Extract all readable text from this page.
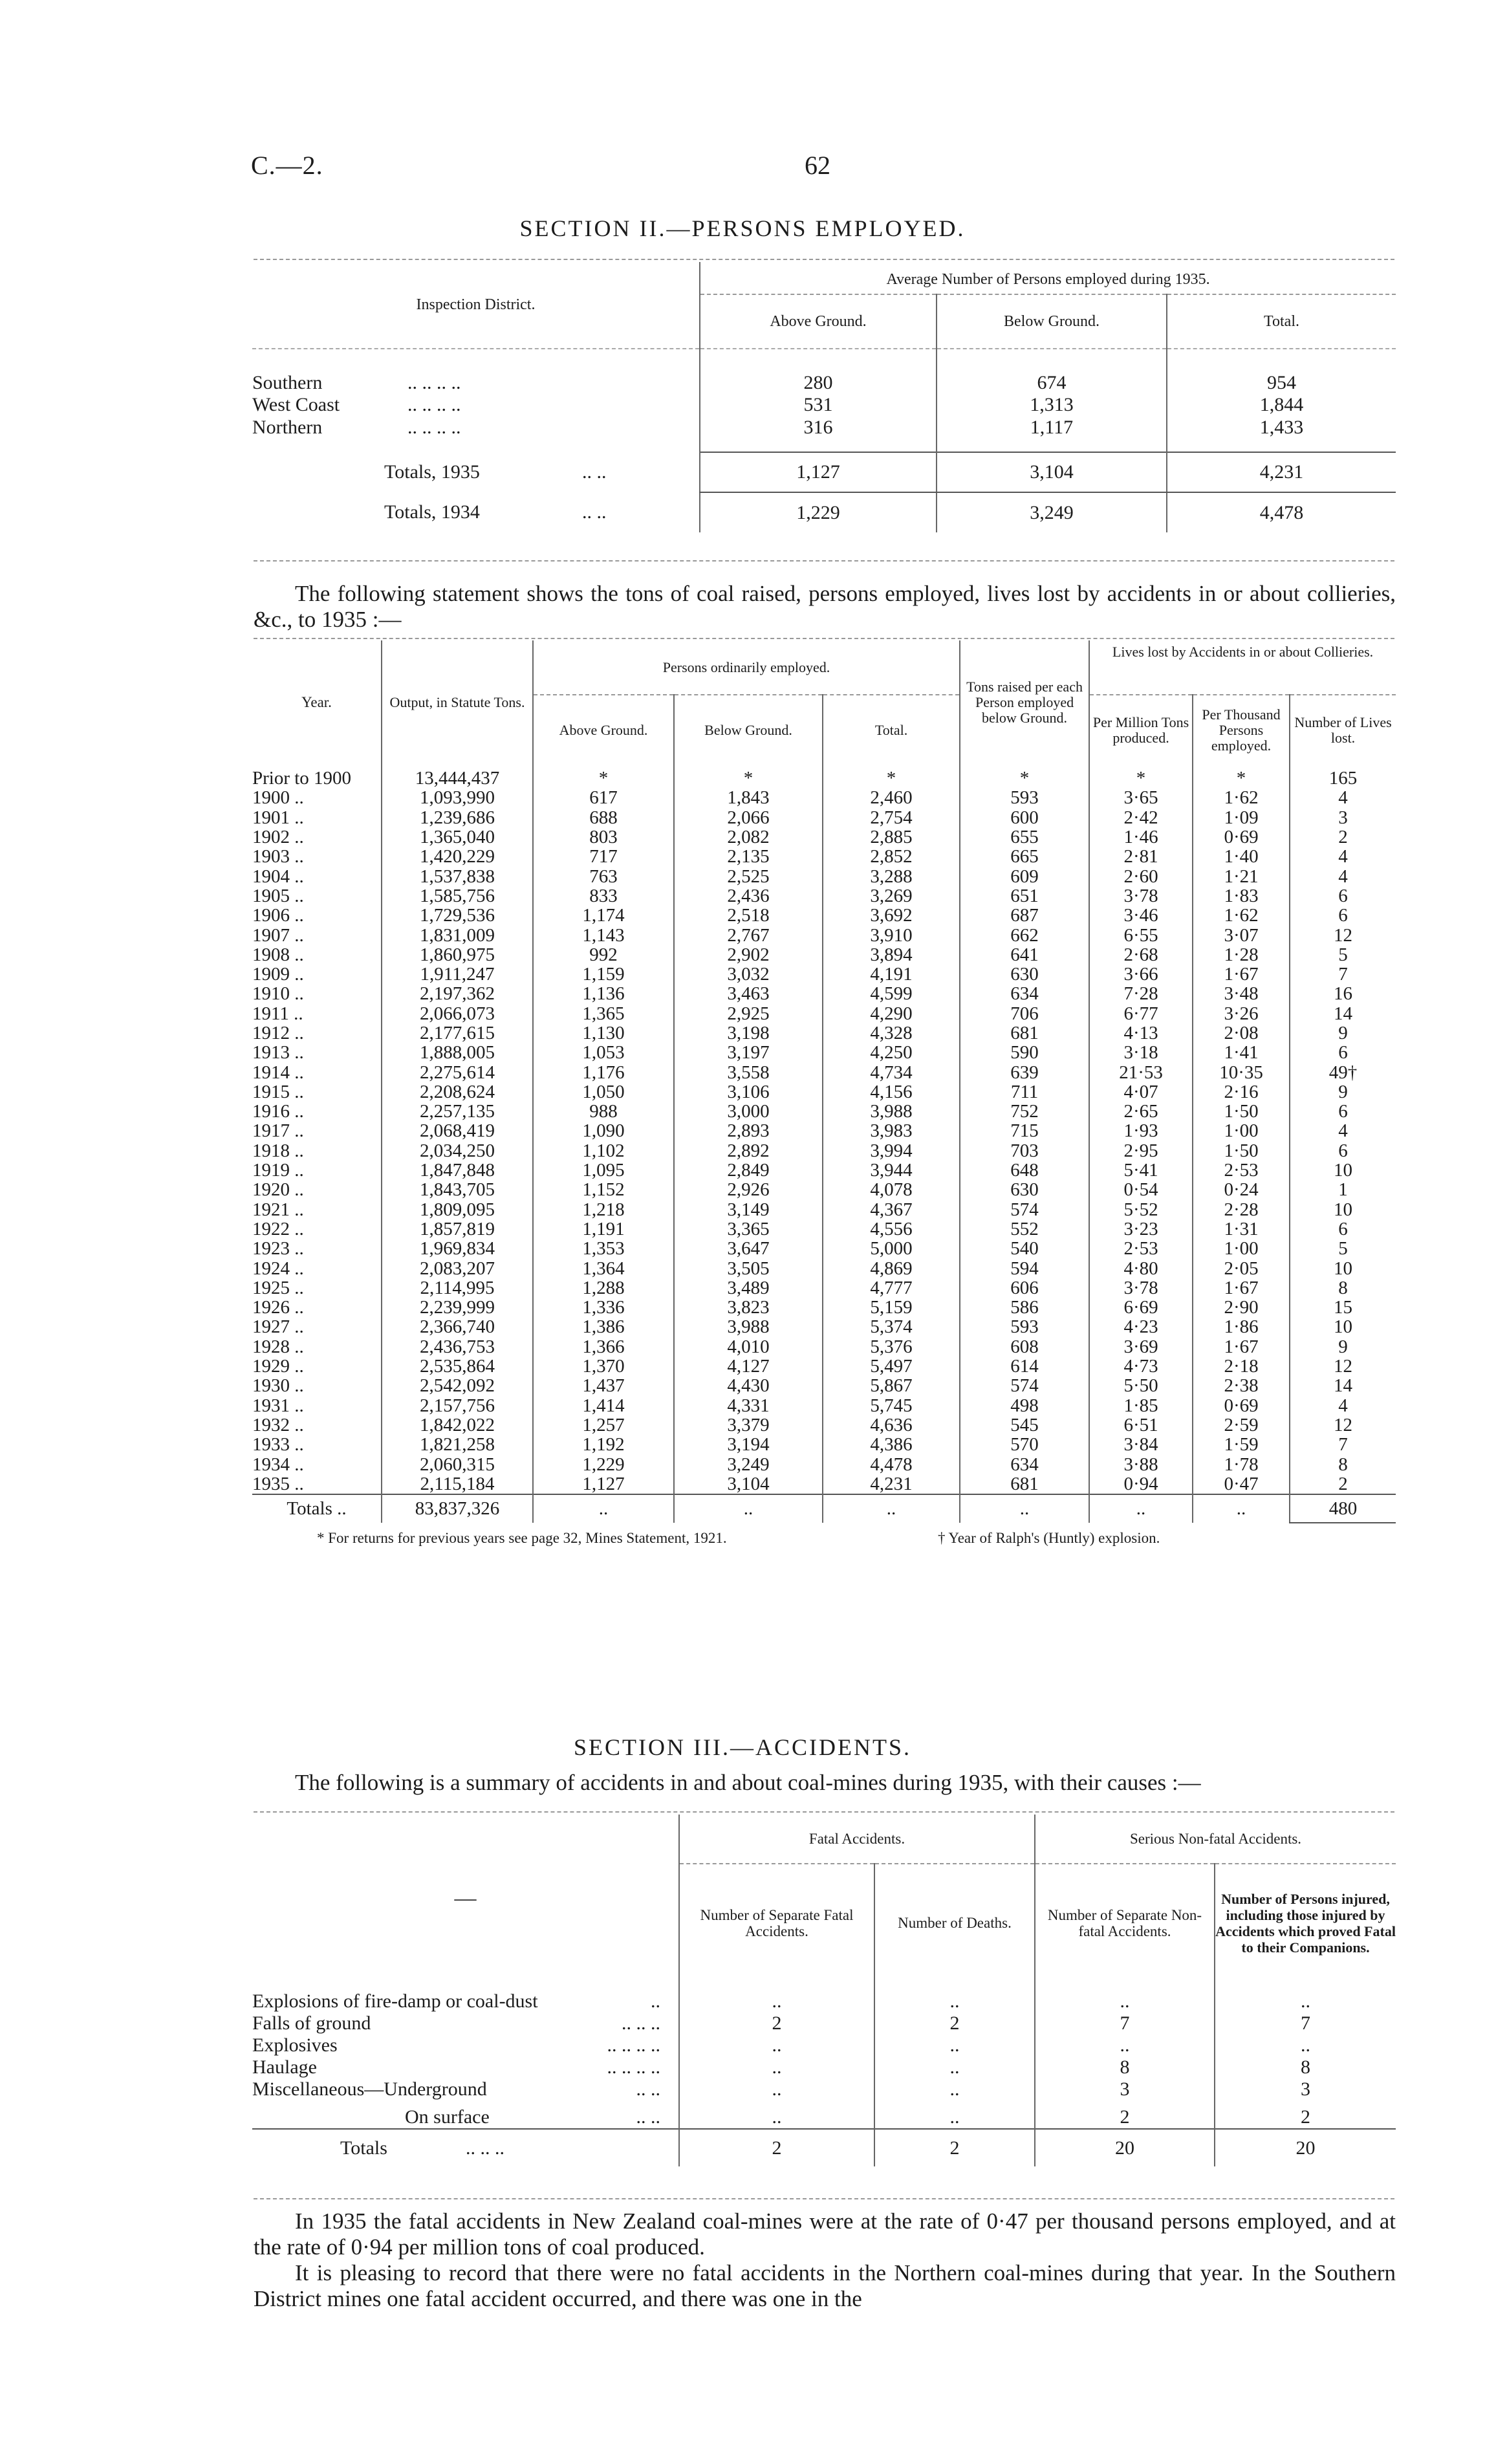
C.—2.	62
SECTION II.—PERSONS EMPLOYED.
Inspection District.	Average Number of Persons employed during 1935.		
	Above Ground.	Below Ground.	Total.

Southern .. .. .. ..	280	674	954
West Coast .. .. .. ..	531	1,313	1,844
Northern .. .. .. ..	316	1,117	1,433

Totals, 1935 .. ..	1,127	3,104	4,231
Totals, 1934 .. ..	1,229	3,249	4,478
The following statement shows the tons of coal raised, persons employed, lives lost by accidents in or about collieries, &c., to 1935 :—
Year.	Output, in Statute Tons.	Persons ordinarily employed.			Tons raised per each Person employed below Ground.	Lives lost by Accidents in or about Collieries.		
		Above Ground.	Below Ground.	Total.		Per Million Tons produced.	Per Thousand Persons employed.	Number of Lives lost.
Prior to 1900	13,444,437	*	*	*	*	*	*	165
1900 ..	1,093,990	617	1,843	2,460	593	3·65	1·62	4
1901 ..	1,239,686	688	2,066	2,754	600	2·42	1·09	3
1902 ..	1,365,040	803	2,082	2,885	655	1·46	0·69	2
1903 ..	1,420,229	717	2,135	2,852	665	2·81	1·40	4
1904 ..	1,537,838	763	2,525	3,288	609	2·60	1·21	4
1905 ..	1,585,756	833	2,436	3,269	651	3·78	1·83	6
1906 ..	1,729,536	1,174	2,518	3,692	687	3·46	1·62	6
1907 ..	1,831,009	1,143	2,767	3,910	662	6·55	3·07	12
1908 ..	1,860,975	992	2,902	3,894	641	2·68	1·28	5
1909 ..	1,911,247	1,159	3,032	4,191	630	3·66	1·67	7
1910 ..	2,197,362	1,136	3,463	4,599	634	7·28	3·48	16
1911 ..	2,066,073	1,365	2,925	4,290	706	6·77	3·26	14
1912 ..	2,177,615	1,130	3,198	4,328	681	4·13	2·08	9
1913 ..	1,888,005	1,053	3,197	4,250	590	3·18	1·41	6
1914 ..	2,275,614	1,176	3,558	4,734	639	21·53	10·35	49†
1915 ..	2,208,624	1,050	3,106	4,156	711	4·07	2·16	9
1916 ..	2,257,135	988	3,000	3,988	752	2·65	1·50	6
1917 ..	2,068,419	1,090	2,893	3,983	715	1·93	1·00	4
1918 ..	2,034,250	1,102	2,892	3,994	703	2·95	1·50	6
1919 ..	1,847,848	1,095	2,849	3,944	648	5·41	2·53	10
1920 ..	1,843,705	1,152	2,926	4,078	630	0·54	0·24	1
1921 ..	1,809,095	1,218	3,149	4,367	574	5·52	2·28	10
1922 ..	1,857,819	1,191	3,365	4,556	552	3·23	1·31	6
1923 ..	1,969,834	1,353	3,647	5,000	540	2·53	1·00	5
1924 ..	2,083,207	1,364	3,505	4,869	594	4·80	2·05	10
1925 ..	2,114,995	1,288	3,489	4,777	606	3·78	1·67	8
1926 ..	2,239,999	1,336	3,823	5,159	586	6·69	2·90	15
1927 ..	2,366,740	1,386	3,988	5,374	593	4·23	1·86	10
1928 ..	2,436,753	1,366	4,010	5,376	608	3·69	1·67	9
1929 ..	2,535,864	1,370	4,127	5,497	614	4·73	2·18	12
1930 ..	2,542,092	1,437	4,430	5,867	574	5·50	2·38	14
1931 ..	2,157,756	1,414	4,331	5,745	498	1·85	0·69	4
1932 ..	1,842,022	1,257	3,379	4,636	545	6·51	2·59	12
1933 ..	1,821,258	1,192	3,194	4,386	570	3·84	1·59	7
1934 ..	2,060,315	1,229	3,249	4,478	634	3·88	1·78	8
1935 ..	2,115,184	1,127	3,104	4,231	681	0·94	0·47	2
Totals ..	83,837,326	..	..	..	..	..	..	480
* For returns for previous years see page 32, Mines Statement, 1921.	† Year of Ralph's (Huntly) explosion.
SECTION III.—ACCIDENTS.
The following is a summary of accidents in and about coal-mines during 1935, with their causes :—
—	Fatal Accidents.		Serious Non-fatal Accidents.	
	Number of Separate Fatal Accidents.	Number of Deaths.	Number of Separate Non-fatal Accidents.	Number of Persons injured, including those injured by Accidents which proved Fatal to their Companions.
Explosions of fire-damp or coal-dust ..	..	..	..	..
Falls of ground .. .. ..	2	2	7	7
Explosives .. .. .. ..	..	..	..	..
Haulage .. .. .. ..	..	..	8	8
Miscellaneous—Underground .. ..	..	..	3	3
On surface .. ..	..	..	2	2
Totals .. .. ..	2	2	20	20
In 1935 the fatal accidents in New Zealand coal-mines were at the rate of 0·47 per thousand persons employed, and at the rate of 0·94 per million tons of coal produced.
It is pleasing to record that there were no fatal accidents in the Northern coal-mines during that year. In the Southern District mines one fatal accident occurred, and there was one in the
